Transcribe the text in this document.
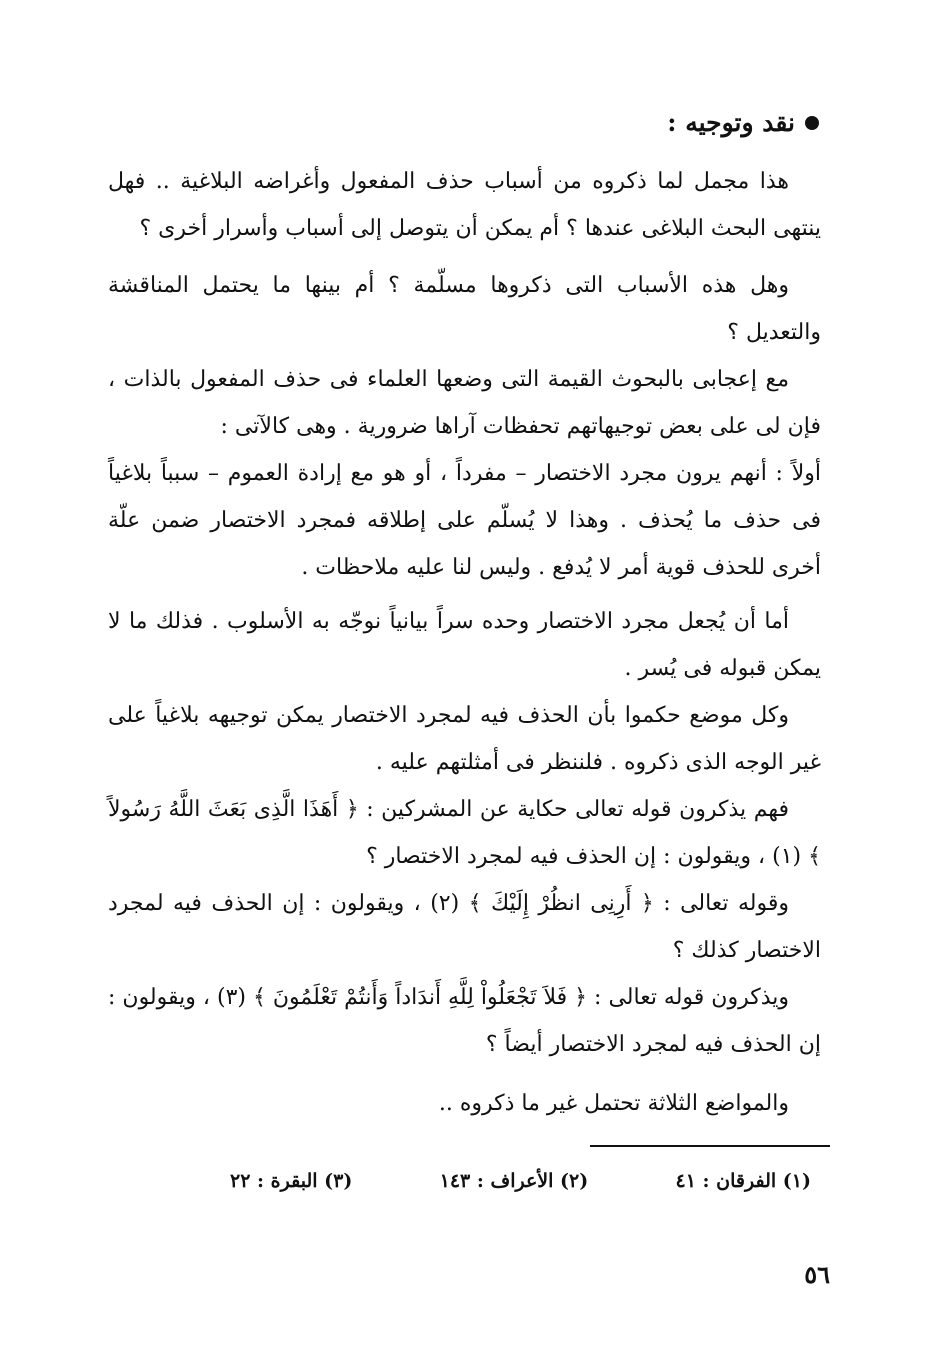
نقد وتوجيه :

هذا مجمل لما ذكروه من أسباب حذف المفعول وأغراضه البلاغية .. فهل ينتهى البحث البلاغى عندها ؟ أم يمكن أن يتوصل إلى أسباب وأسرار أخرى ؟

وهل هذه الأسباب التى ذكروها مسلّمة ؟ أم بينها ما يحتمل المناقشة والتعديل ؟

مع إعجابى بالبحوث القيمة التى وضعها العلماء فى حذف المفعول بالذات ، فإن لى على بعض توجيهاتهم تحفظات آراها ضرورية . وهى كالآتى :

أولاً : أنهم يرون مجرد الاختصار – مفرداً ، أو هو مع إرادة العموم – سبباً بلاغياً فى حذف ما يُحذف . وهذا لا يُسلّم على إطلاقه فمجرد الاختصار ضمن علّة أخرى للحذف قوية أمر لا يُدفع . وليس لنا عليه ملاحظات .

أما أن يُجعل مجرد الاختصار وحده سراً بيانياً نوجّه به الأسلوب . فذلك ما لا يمكن قبوله فى يُسر .

وكل موضع حكموا بأن الحذف فيه لمجرد الاختصار يمكن توجيهه بلاغياً على غير الوجه الذى ذكروه . فلننظر فى أمثلتهم عليه .

فهم يذكرون قوله تعالى حكاية عن المشركين : ﴿ أَهَذَا الَّذِى بَعَثَ اللَّهُ رَسُولاً ﴾ (١) ، ويقولون : إن الحذف فيه لمجرد الاختصار ؟

وقوله تعالى : ﴿ أَرِنِى انظُرْ إِلَيْكَ ﴾ (٢) ، ويقولون : إن الحذف فيه لمجرد الاختصار كذلك ؟

ويذكرون قوله تعالى : ﴿ فَلاَ تَجْعَلُواْ لِلَّهِ أَندَاداً وَأَنتُمْ تَعْلَمُونَ ﴾ (٣) ، ويقولون : إن الحذف فيه لمجرد الاختصار أيضاً ؟

والمواضع الثلاثة تحتمل غير ما ذكروه ..

(١) الفرقان : ٤١
(٢) الأعراف : ١٤٣
(٣) البقرة : ٢٢
٥٦
